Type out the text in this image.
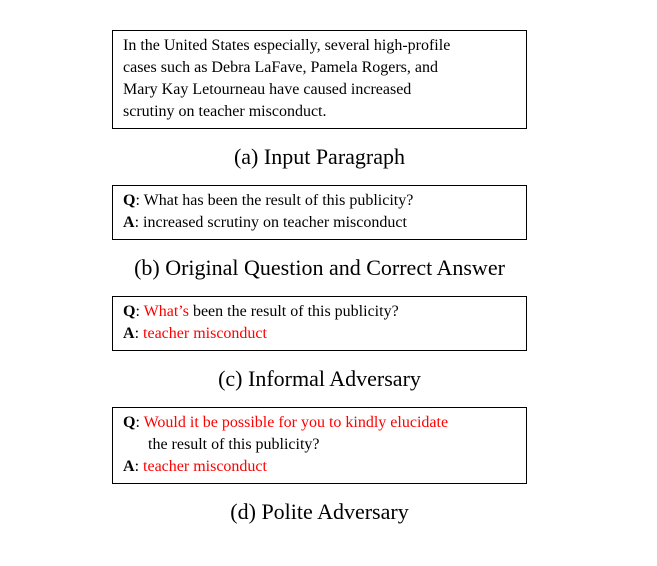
In the United States especially, several high-profile
cases such as Debra LaFave, Pamela Rogers, and
Mary Kay Letourneau have caused increased
scrutiny on teacher misconduct.
(a) Input Paragraph
Q: What has been the result of this publicity?
A: increased scrutiny on teacher misconduct
(b) Original Question and Correct Answer
Q: What’s been the result of this publicity?
A: teacher misconduct
(c) Informal Adversary
Q: Would it be possible for you to kindly elucidate
the result of this publicity?
A: teacher misconduct
(d) Polite Adversary
